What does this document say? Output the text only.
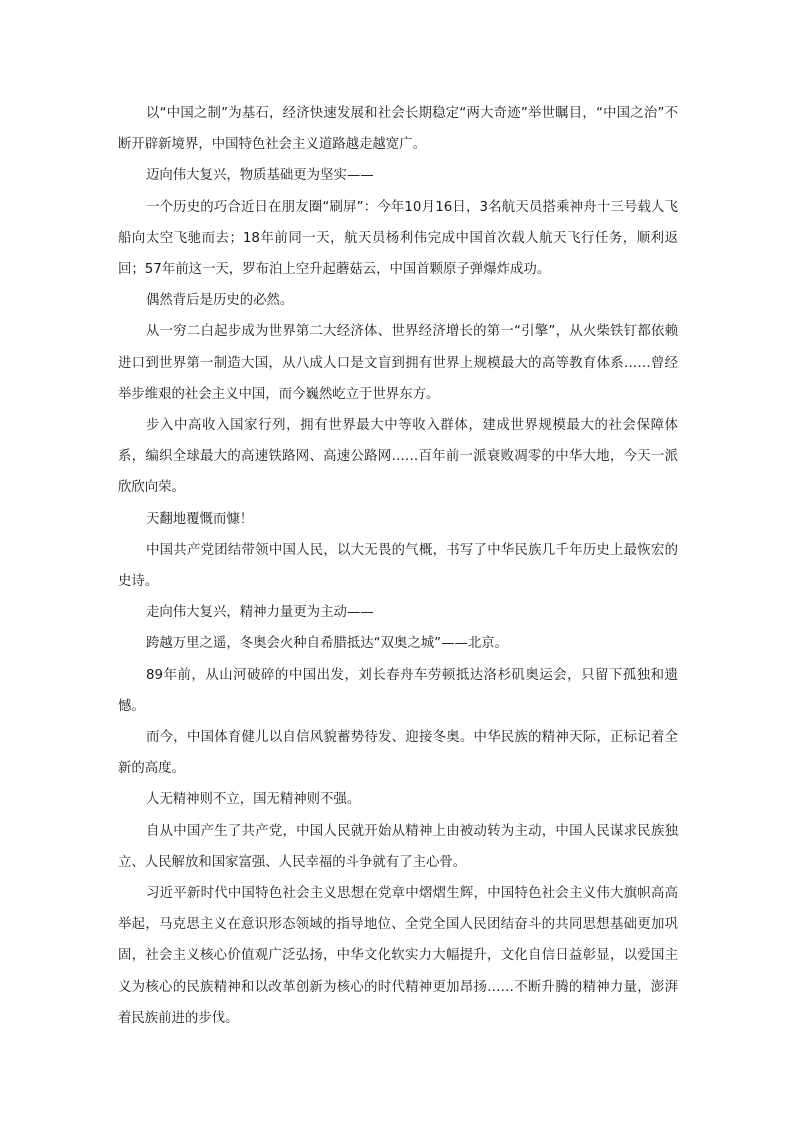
以“中国之制”为基石，经济快速发展和社会长期稳定“两大奇迹”举世瞩目，“中国之治”不断开辟新境界，中国特色社会主义道路越走越宽广。

迈向伟大复兴，物质基础更为坚实——

一个历史的巧合近日在朋友圈“刷屏”：今年10月16日，3名航天员搭乘神舟十三号载人飞船向太空飞驰而去；18年前同一天，航天员杨利伟完成中国首次载人航天飞行任务，顺利返回；57年前这一天，罗布泊上空升起蘑菇云，中国首颗原子弹爆炸成功。

偶然背后是历史的必然。

从一穷二白起步成为世界第二大经济体、世界经济增长的第一“引擎”，从火柴铁钉都依赖进口到世界第一制造大国，从八成人口是文盲到拥有世界上规模最大的高等教育体系……曾经举步维艰的社会主义中国，而今巍然屹立于世界东方。

步入中高收入国家行列，拥有世界最大中等收入群体，建成世界规模最大的社会保障体系，编织全球最大的高速铁路网、高速公路网……百年前一派衰败凋零的中华大地，今天一派欣欣向荣。

天翻地覆慨而慷！

中国共产党团结带领中国人民，以大无畏的气概，书写了中华民族几千年历史上最恢宏的史诗。

走向伟大复兴，精神力量更为主动——

跨越万里之遥，冬奥会火种自希腊抵达“双奥之城”——北京。

89年前，从山河破碎的中国出发，刘长春舟车劳顿抵达洛杉矶奥运会，只留下孤独和遗憾。

而今，中国体育健儿以自信风貌蓄势待发、迎接冬奥。中华民族的精神天际，正标记着全新的高度。

人无精神则不立，国无精神则不强。

自从中国产生了共产党，中国人民就开始从精神上由被动转为主动，中国人民谋求民族独立、人民解放和国家富强、人民幸福的斗争就有了主心骨。

习近平新时代中国特色社会主义思想在党章中熠熠生辉，中国特色社会主义伟大旗帜高高举起，马克思主义在意识形态领域的指导地位、全党全国人民团结奋斗的共同思想基础更加巩固，社会主义核心价值观广泛弘扬，中华文化软实力大幅提升，文化自信日益彰显，以爱国主义为核心的民族精神和以改革创新为核心的时代精神更加昂扬……不断升腾的精神力量，澎湃着民族前进的步伐。
